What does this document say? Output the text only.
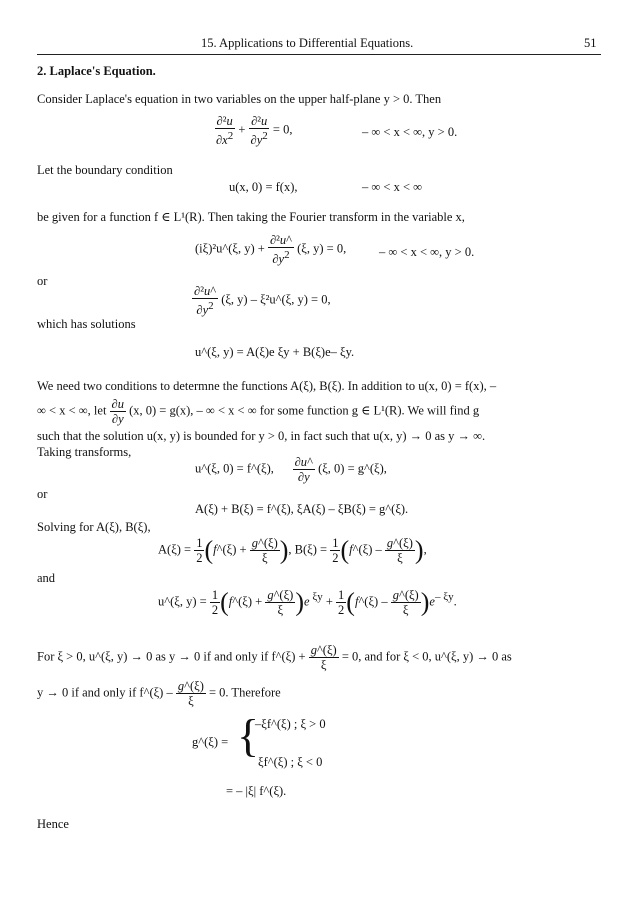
15. Applications to Differential Equations.	51
2. Laplace's Equation.
Consider Laplace's equation in two variables on the upper half-plane y > 0. Then
$\frac{\text{∂²u}}{\partial x^2} + \frac{\text{∂²u}}{\partial y^2} = 0$,	– ∞ < x < ∞, y > 0.
Let the boundary condition
u(x, 0) = f(x),	– ∞ < x < ∞
be given for a function f ∈ L¹(R). Then taking the Fourier transform in the variable x,
(iξ)²u^(ξ, $y) + \frac{\text{∂²u\textasciicircum{}}}{\partial y^2} (\xi$, y) = 0,	– ∞ < x < ∞, y > 0.
or
$\frac{\text{∂²u\textasciicircum{}}}{\partial y^2} (\xi$, y) – ξ²u^(ξ, y) = 0,
which has solutions
u^(ξ, y) = A(ξ)e ξy + B(ξ)e– ξy.
We need two conditions to determne the functions A(ξ), B(ξ). In addition to u(x, 0) = f(x), –
∞ < x < ∞, let $\frac{\partial u}{\partial y} (x$, 0) = g(x), – ∞ < x < ∞ for some function g ∈ L¹(R). We will find g
such that the solution u(x, y) is bounded for y > 0, in fact such that u(x, y) → 0 as y → ∞.
Taking transforms,
u^(ξ, 0) = f^(ξ), $\frac{\partial u\^{}}{\partial y} (\xi$, 0) = g^(ξ),
or
A(ξ) + B(ξ) = f^(ξ), ξA(ξ) – ξB(ξ) = g^(ξ).
Solving for A(ξ), B(ξ),
$A(\xi) = \frac{1}{2}$ (f^(ξ) + $\frac{g\^{}(\xi)}{\xi}$ ), $B(\xi) = \frac{1}{2}$ (f^(ξ) – $\frac{g\^{}(\xi)}{\xi}$ ),
and
u^(ξ, $y) = \frac{1}{2}$ (f^(ξ) + $\frac{g\^{}(\xi)}{\xi} )e$ $^{\xi y} + \frac{1}{2}$ (f^(ξ) – $\frac{g\^{}(\xi)}{\xi} )e^{- \xi y}$.
For ξ > 0, u^(ξ, y) → 0 as y → 0 if and only if f^(ξ) + $\frac{g\^{}(\xi)}{\xi} = 0$, and for ξ < 0, u^(ξ, y) → 0 as
y → 0 if and only if f^(ξ) – $\frac{g\^{}(\xi)}{\xi} = 0$. Therefore
g^(ξ) = {
–ξf^(ξ) ; ξ > 0
ξf^(ξ) ; ξ < 0
= – |ξ| f^(ξ).
Hence
